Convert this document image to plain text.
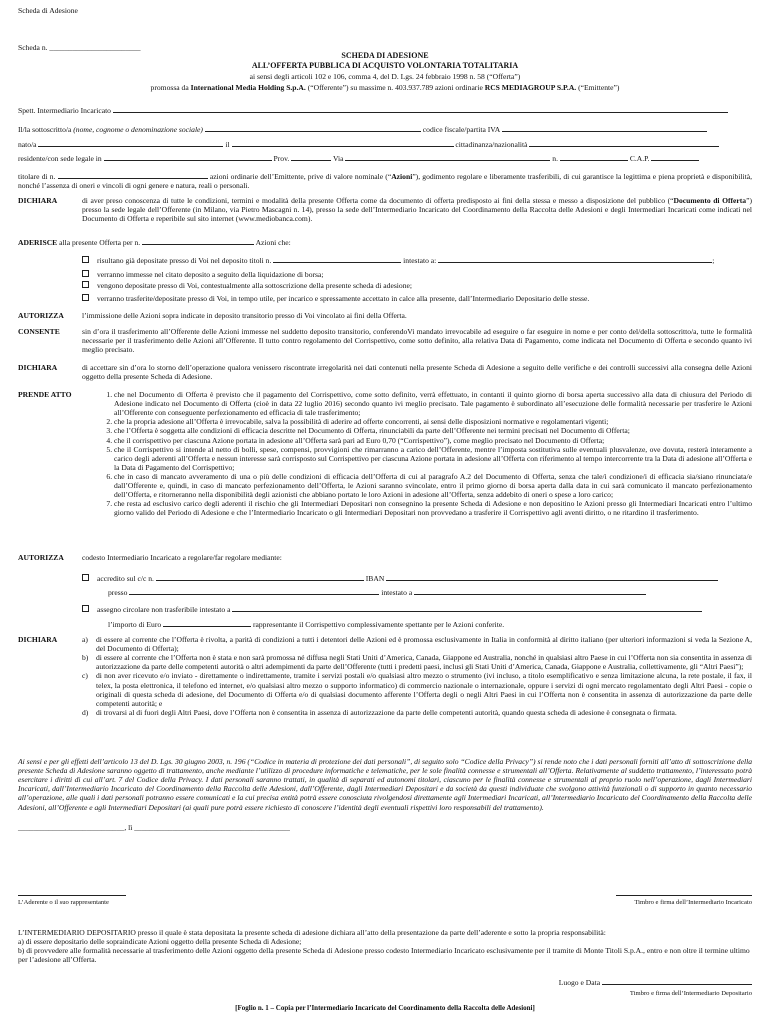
Scheda di Adesione
Scheda n. ________________________
SCHEDA DI ADESIONE
ALL’OFFERTA PUBBLICA DI ACQUISTO VOLONTARIA TOTALITARIA
ai sensi degli articoli 102 e 106, comma 4, del D. Lgs. 24 febbraio 1998 n. 58 (“Offerta”)
promossa da International Media Holding S.p.A. (“Offerente”) su massime n. 403.937.789 azioni ordinarie RCS MEDIAGROUP S.P.A. (“Emittente”)
Spett. Intermediario Incaricato
Il/la sottoscritto/a (nome, cognome o denominazione sociale)	codice fiscale/partita IVA
nato/a	il	cittadinanza/nazionalità
residente/con sede legale in	Prov.	Via	n.	C.A.P.
titolare di n.	azioni ordinarie dell’Emittente, prive di valore nominale (“Azioni”), godimento regolare e liberamente trasferibili, di cui garantisce la legittima e piena proprietà e disponibilità, nonché l’assenza di oneri e vincoli di ogni genere e natura, reali o personali.
DICHIARA	di aver preso conoscenza di tutte le condizioni, termini e modalità della presente Offerta come da documento di offerta predisposto ai fini della stessa e messo a disposizione del pubblico (“Documento di Offerta”) presso la sede legale dell’Offerente (in Milano, via Pietro Mascagni n. 14), presso la sede dell’Intermediario Incaricato del Coordinamento della Raccolta delle Adesioni e degli Intermediari Incaricati come indicati nel Documento di Offerta e reperibile sul sito internet (www.mediobanca.com).
ADERISCE alla presente Offerta per n.	Azioni che:
risultano già depositate presso di Voi nel deposito titoli n.	intestato a:	;
verranno immesse nel citato deposito a seguito della liquidazione di borsa;
vengono depositate presso di Voi, contestualmente alla sottoscrizione della presente scheda di adesione;
verranno trasferite/depositate presso di Voi, in tempo utile, per incarico e spressamente accettato in calce alla presente, dall’Intermediario Depositario delle stesse.
AUTORIZZA l’immissione delle Azioni sopra indicate in deposito transitorio presso di Voi vincolato ai fini della Offerta.
CONSENTE	sin d’ora il trasferimento all’Offerente delle Azioni immesse nel suddetto deposito transitorio, conferendoVi mandato irrevocabile ad eseguire o far eseguire in nome e per conto del/della sottoscritto/a, tutte le formalità necessarie per il trasferimento delle Azioni all’Offerente. Il tutto contro regolamento del Corrispettivo, come sotto definito, alla relativa Data di Pagamento, come indicata nel Documento di Offerta e secondo quanto ivi meglio precisato.
DICHIARA	di accettare sin d’ora lo storno dell’operazione qualora venissero riscontrate irregolarità nei dati contenuti nella presente Scheda di Adesione a seguito delle verifiche e dei controlli successivi alla consegna delle Azioni oggetto della presente Scheda di Adesione.
PRENDE ATTO
1.	che nel Documento di Offerta è previsto che il pagamento del Corrispettivo, come sotto definito, verrà effettuato, in contanti il quinto giorno di borsa aperta successivo alla data di chiusura del Periodo di Adesione indicato nel Documento di Offerta (cioè in data 22 luglio 2016) secondo quanto ivi meglio precisato. Tale pagamento è subordinato all’esecuzione delle formalità necessarie per trasferire le Azioni all’Offerente con conseguente perfezionamento ed efficacia di tale trasferimento;
2. che la propria adesione all’Offerta è irrevocabile, salva la possibilità di aderire ad offerte concorrenti, ai sensi delle disposizioni normative e regolamentari vigenti;
3. che l’Offerta è soggetta alle condizioni di efficacia descritte nel Documento di Offerta, rinunciabili da parte dell’Offerente nei termini precisati nel Documento di Offerta;
4. che il corrispettivo per ciascuna Azione portata in adesione all’Offerta sarà pari ad Euro 0,70 (“Corrispettivo”), come meglio precisato nel Documento di Offerta;
5. che il Corrispettivo si intende al netto di bolli, spese, compensi, provvigioni che rimarranno a carico dell’Offerente, mentre l’imposta sostitutiva sulle eventuali plusvalenze, ove dovuta, resterà interamente a carico degli aderenti all’Offerta e nessun interesse sarà corrisposto sul Corrispettivo per ciascuna Azione portata in adesione all’Offerta con riferimento al tempo intercorrente tra la Data di adesione all’Offerta e la Data di Pagamento del Corrispettivo;
6. che in caso di mancato avveramento di una o più delle condizioni di efficacia dell’Offerta di cui al paragrafo A.2 del Documento di Offerta, senza che tale/i condizione/i di efficacia sia/siano rinunciata/e dall’Offerente e, quindi, in caso di mancato perfezionamento dell’Offerta, le Azioni saranno svincolate, entro il primo giorno di borsa aperta dalla data in cui sarà comunicato il mancato perfezionamento dell’Offerta, e ritorneranno nella disponibilità degli azionisti che abbiano portato le loro Azioni in adesione all’Offerta, senza addebito di oneri o spese a loro carico;
7. che resta ad esclusivo carico degli aderenti il rischio che gli Intermediari Depositari non consegnino la presente Scheda di Adesione e non depositino le Azioni presso gli Intermediari Incaricati entro l’ultimo giorno valido del Periodo di Adesione e che l’Intermediario Incaricato o gli Intermediari Depositari non provvedano a trasferire il Corrispettivo agli aventi diritto, o ne ritardino il trasferimento.
AUTORIZZA codesto Intermediario Incaricato a regolare/far regolare mediante:
accredito sul c/c n.	IBAN
presso	intestato a
assegno circolare non trasferibile intestato a
l’importo di Euro	rappresentante il Corrispettivo complessivamente spettante per le Azioni conferite.
DICHIARA	a)	di essere al corrente che l’Offerta è rivolta, a parità di condizioni a tutti i detentori delle Azioni ed è promossa esclusivamente in Italia in conformità al diritto italiano (per ulteriori informazioni si veda la Sezione A, del Documento di Offerta);
b)	di essere al corrente che l’Offerta non è stata e non sarà promossa né diffusa negli Stati Uniti d’America, Canada, Giappone ed Australia, nonché in qualsiasi altro Paese in cui l’Offerta non sia consentita in assenza di autorizzazione da parte delle competenti autorità o altri adempimenti da parte dell’Offerente (tutti i predetti paesi, inclusi gli Stati Uniti d’America, Canada, Giappone e Australia, collettivamente, gli “Altri Paesi”);
c)	di non aver ricevuto e/o inviato - direttamente o indirettamente, tramite i servizi postali e/o qualsiasi altro mezzo o strumento (ivi incluso, a titolo esemplificativo e senza limitazione alcuna, la rete postale, il fax, il telex, la posta elettronica, il telefono ed internet, e/o qualsiasi altro mezzo o supporto informatico) di commercio nazionale o internazionale, oppure i servizi di ogni mercato regolamentato degli Altri Paesi - copie o originali di questa scheda di adesione, del Documento di Offerta e/o di qualsiasi documento afferente l’Offerta degli o negli Altri Paesi in cui l’Offerta non è consentita in assenza di autorizzazione da parte delle competenti autorità; e
d)	di trovarsi al di fuori degli Altri Paesi, dove l’Offerta non è consentita in assenza di autorizzazione da parte delle competenti autorità, quando questa scheda di adesione è consegnata o firmata.
Ai sensi e per gli effetti dell’articolo 13 del D. Lgs. 30 giugno 2003, n. 196 (“Codice in materia di protezione dei dati personali”, di seguito solo “Codice della Privacy”) si rende noto che i dati personali forniti all’atto di sottoscrizione della presente Scheda di Adesione saranno oggetto di trattamento, anche mediante l’utilizzo di procedure informatiche e telematiche, per le sole finalità connesse e strumentali all’Offerta. Relativamente al suddetto trattamento, l’interessato potrà esercitare i diritti di cui all’art. 7 del Codice della Privacy. I dati personali saranno trattati, in qualità di separati ed autonomi titolari, ciascuno per le finalità connesse e strumentali al proprio ruolo nell’operazione, dagli Intermediari Incaricati, dall’Intermediario Incaricato del Coordinamento della Raccolta delle Adesioni, dall’Offerente, dagli Intermediari Depositari e da società da questi individuate che svolgono attività funzionali o di supporto in quanto necessario all’operazione, alle quali i dati personali potranno essere comunicati e la cui precisa entità potrà essere conosciuta rivolgendosi direttamente agli Intermediari Incaricati, all’Intermediario Incaricato del Coordinamento della Raccolta delle Adesioni, all’Offerente e agli Intermediari Depositari (ai quali pure potrà essere richiesto di conoscere l’identità degli eventuali rispettivi loro responsabili del trattamento).
____________________________, lì _________________________________________
L’Aderente o il suo rappresentante	Timbro e firma dell’Intermediario Incaricato
L’INTERMEDIARIO DEPOSITARIO presso il quale è stata depositata la presente scheda di adesione dichiara all’atto della presentazione da parte dell’aderente e sotto la propria responsabilità:
a) di essere depositario delle sopraindicate Azioni oggetto della presente Scheda di Adesione;
b) di provvedere alle formalità necessarie al trasferimento delle Azioni oggetto della presente Scheda di Adesione presso codesto Intermediario Incaricato esclusivamente per il tramite di Monte Titoli S.p.A., entro e non oltre il termine ultimo per l’adesione all’Offerta.
Luogo e Data
Timbro e firma dell’Intermediario Depositario
[Foglio n. 1 – Copia per l’Intermediario Incaricato del Coordinamento della Raccolta delle Adesioni]
